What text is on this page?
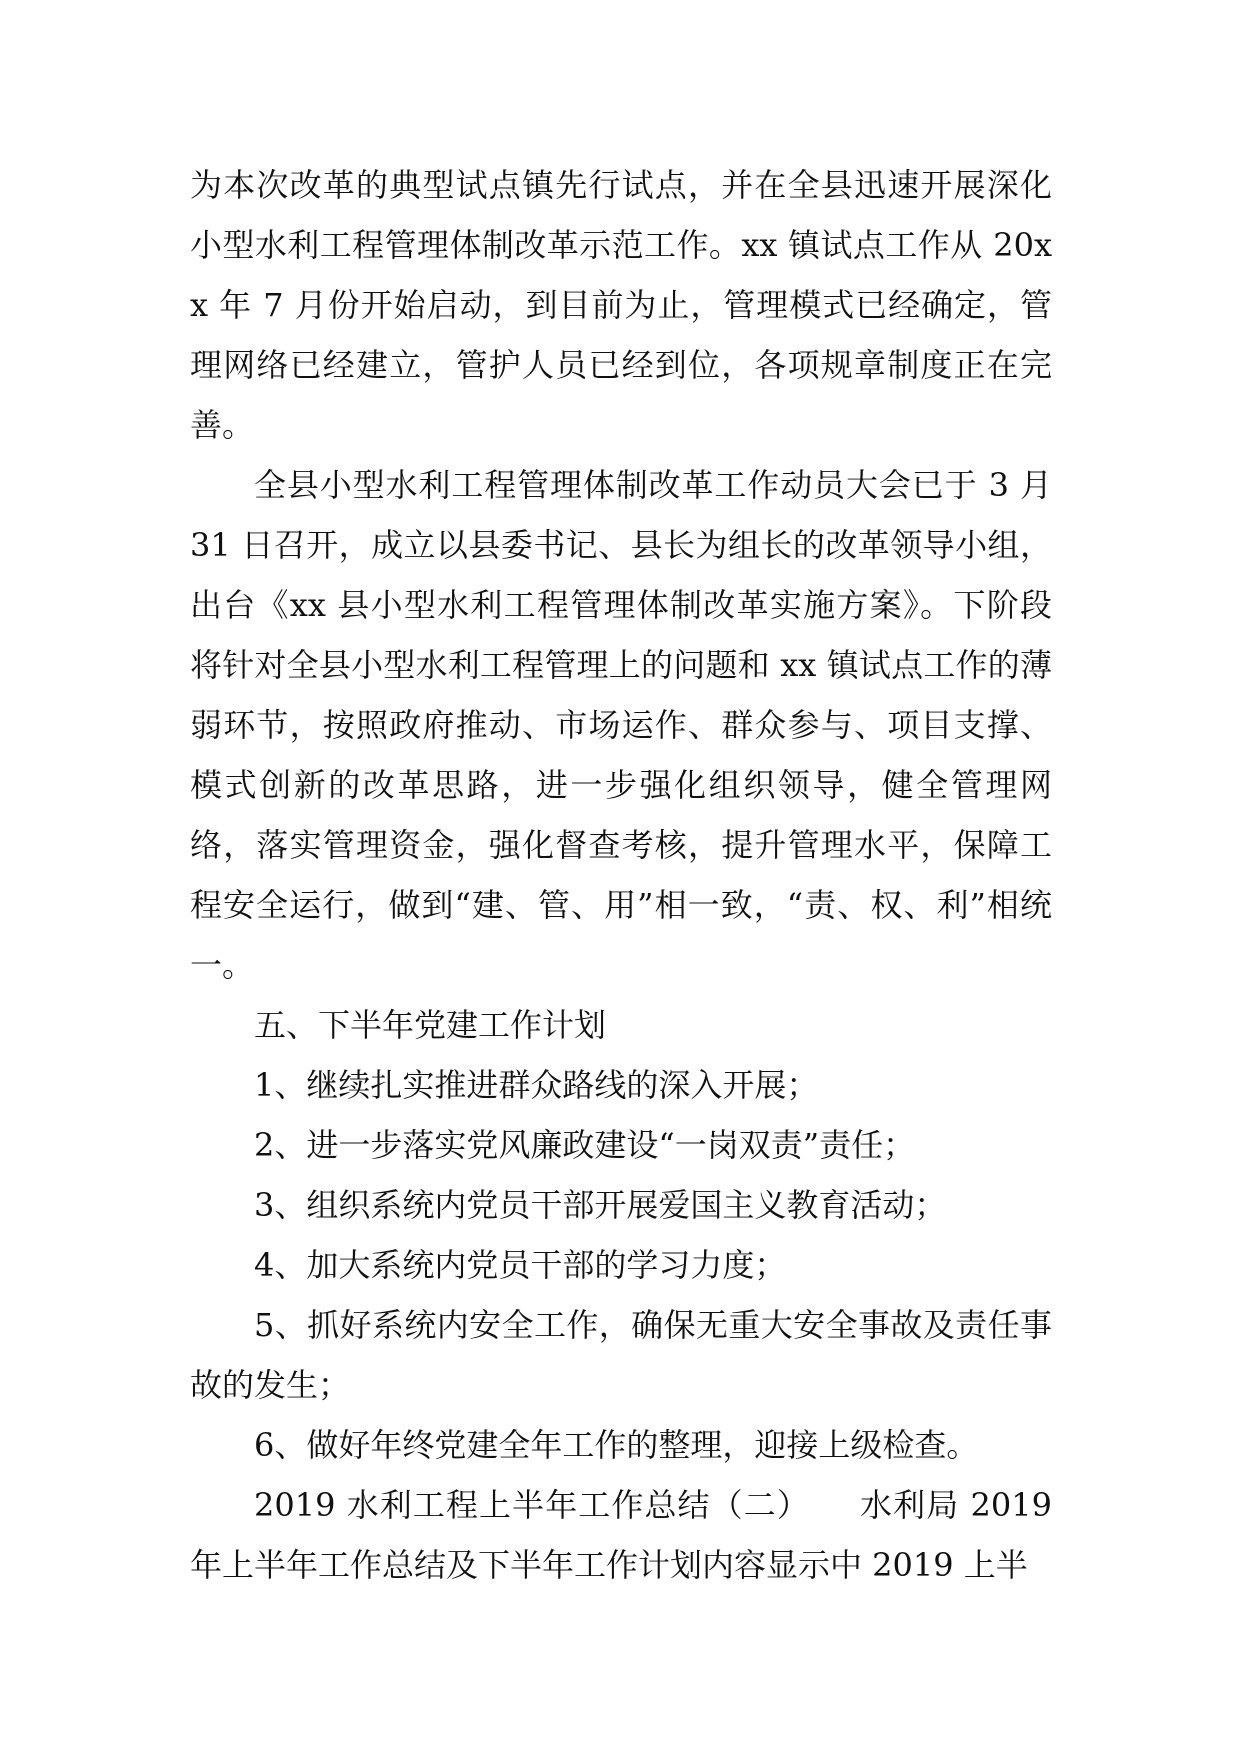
为本次改革的典型试点镇先行试点，并在全县迅速开展深化小型水利工程管理体制改革示范工作。xx 镇试点工作从 20xx 年 7 月份开始启动，到目前为止，管理模式已经确定，管理网络已经建立，管护人员已经到位，各项规章制度正在完善。

全县小型水利工程管理体制改革工作动员大会已于 3 月 31 日召开，成立以县委书记、县长为组长的改革领导小组，出台《xx 县小型水利工程管理体制改革实施方案》。下阶段将针对全县小型水利工程管理上的问题和 xx 镇试点工作的薄弱环节，按照政府推动、市场运作、群众参与、项目支撑、模式创新的改革思路，进一步强化组织领导，健全管理网络，落实管理资金，强化督查考核，提升管理水平，保障工程安全运行，做到“建、管、用”相一致，“责、权、利”相统一。

五、下半年党建工作计划

1、继续扎实推进群众路线的深入开展；

2、进一步落实党风廉政建设“一岗双责”责任；

3、组织系统内党员干部开展爱国主义教育活动；

4、加大系统内党员干部的学习力度；

5、抓好系统内安全工作，确保无重大安全事故及责任事故的发生；

6、做好年终党建全年工作的整理，迎接上级检查。

2019 水利工程上半年工作总结（二）　　水利局 2019 年上半年工作总结及下半年工作计划内容显示中 2019 上半
